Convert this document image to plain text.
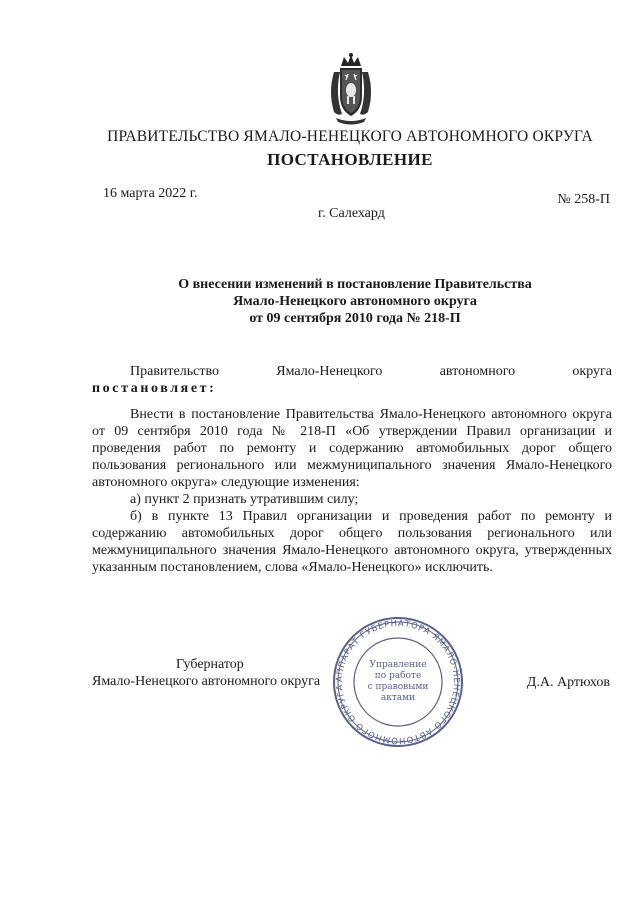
ПРАВИТЕЛЬСТВО ЯМАЛО-НЕНЕЦКОГО АВТОНОМНОГО ОКРУГА
ПОСТАНОВЛЕНИЕ
16 марта 2022 г.	№ 258-П
г. Салехард
О внесении изменений в постановление Правительства
Ямало-Ненецкого автономного округа
от 09 сентября 2010 года № 218-П
Правительство	Ямало-Ненецкого	автономного	округа
постановляет:

Внести в постановление Правительства Ямало-Ненецкого автономного округа от 09 сентября 2010 года № 218-П «Об утверждении Правил организации и проведения работ по ремонту и содержанию автомобильных дорог общего пользования регионального или межмуниципального значения Ямало-Ненецкого автономного округа» следующие изменения:

а) пункт 2 признать утратившим силу;

б) в пункте 13 Правил организации и проведения работ по ремонту и содержанию автомобильных дорог общего пользования регионального или межмуниципального значения Ямало-Ненецкого автономного округа, утвержденных указанным постановлением, слова «Ямало-Ненецкого» исключить.

Губернатор
Ямало-Ненецкого автономного округа	Д.А. Артюхов
АППАРАТ ГУБЕРНАТОРА ЯМАЛО-НЕНЕЦКОГО АВТОНОМНОГО ОКРУГА
Управление
по работе
с правовыми
актами
